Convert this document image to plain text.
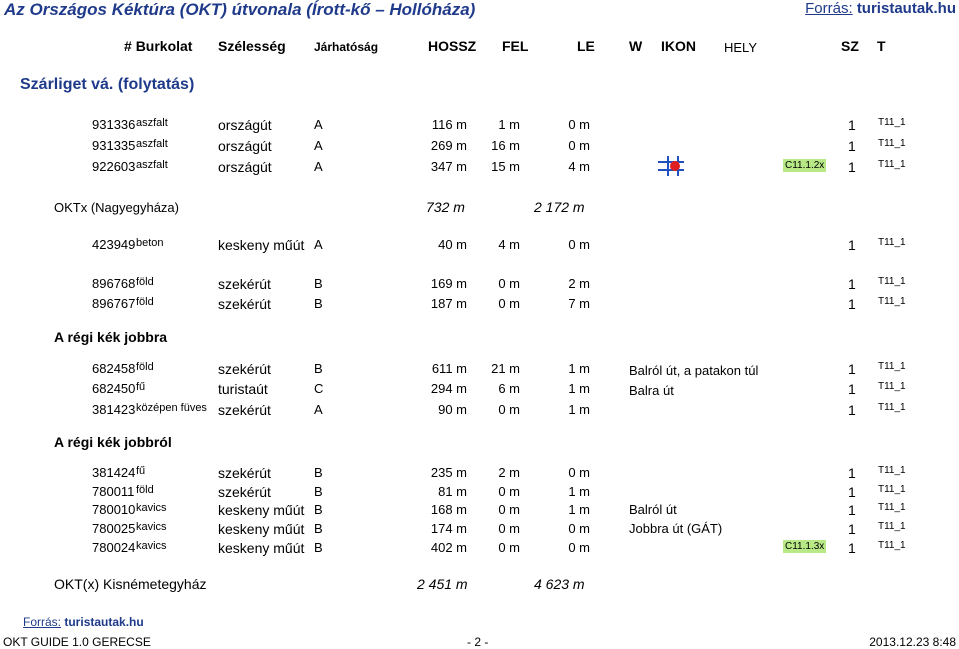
Az Országos Kéktúra (OKT) útvonala (Írott-kő – Hollóháza)	Forrás: turistautak.hu
# Burkolat Szélesség Járhatóság	HOSSZ FEL	LE W IKON HELY	SZ T
Szárliget vá. (folytatás)
931336 aszfalt	országút	A	116 m 1 m	0 m	1 T11_1
931335 aszfalt	országút	A	269 m 16 m	0 m	1 T11_1
922603 aszfalt	országút	A	347 m 15 m	4 m	C11.1.2x 1 T11_1
OKTx (Nagyegyháza)	732 m	2 172 m
423949 beton	keskeny műút A	40 m 4 m	0 m	1 T11_1
896768 föld	szekérút	B	169 m 0 m	2 m	1 T11_1
896767 föld	szekérút	B	187 m 0 m	7 m	1 T11_1
A régi kék jobbra
682458 föld	szekérút	B	611 m 21 m	1 m	Balról út, a patakon túl	1 T11_1
682450 fű	turistaút	C	294 m 6 m	1 m	Balra út	1 T11_1
381423 középen füves szekérút	A	90 m 0 m	1 m	1 T11_1
A régi kék jobbról
381424 fű	szekérút	B	235 m 2 m	0 m	1 T11_1
780011 föld	szekérút	B	81 m 0 m	1 m	1 T11_1
780010 kavics	keskeny műút B	168 m 0 m	1 m	Balról út	1 T11_1
780025 kavics	keskeny műút B	174 m 0 m	0 m	Jobbra út (GÁT)	1 T11_1
780024 kavics	keskeny műút B	402 m 0 m	0 m	C11.1.3x 1 T11_1
OKT(x) Kisnémetegyház	2 451 m	4 623 m
Forrás: turistautak.hu
OKT GUIDE 1.0 GERECSE	- 2 -	2013.12.23 8:48
